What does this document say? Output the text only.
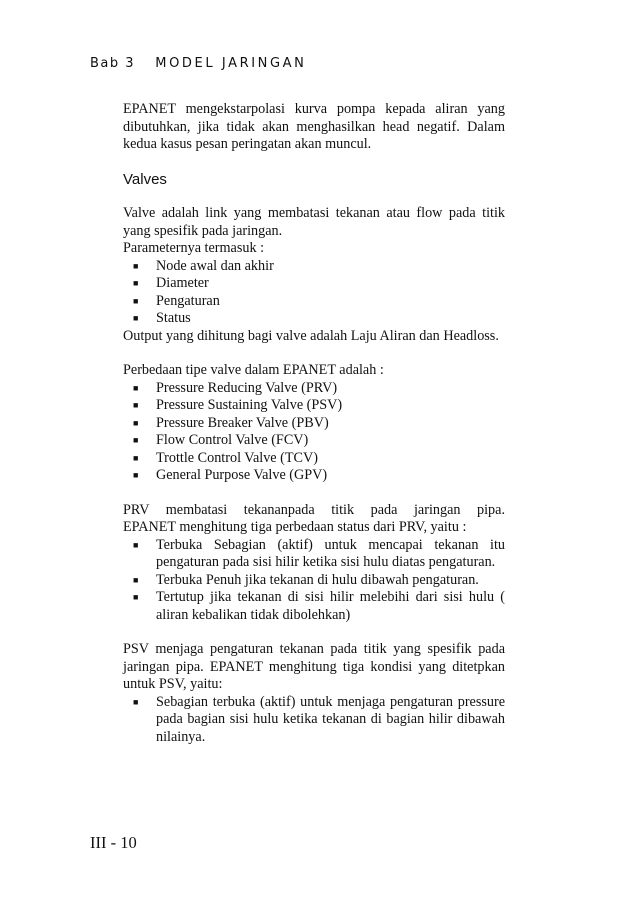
Bab 3 MODEL JARINGAN

EPANET mengekstarpolasi kurva pompa kepada aliran yang dibutuhkan, jika tidak akan menghasilkan head negatif. Dalam kedua kasus pesan peringatan akan muncul.

Valves

Valve adalah link yang membatasi tekanan atau flow pada titik yang spesifik pada jaringan.

Parameternya termasuk :

■ Node awal dan akhir
■ Diameter
■ Pengaturan
■ Status

Output yang dihitung bagi valve adalah Laju Aliran dan Headloss.

Perbedaan tipe valve dalam EPANET adalah :

■ Pressure Reducing Valve (PRV)
■ Pressure Sustaining Valve (PSV)
■ Pressure Breaker Valve (PBV)
■ Flow Control Valve (FCV)
■ Trottle Control Valve (TCV)
■ General Purpose Valve (GPV)

PRV membatasi tekananpada titik pada jaringan pipa.

EPANET menghitung tiga perbedaan status dari PRV, yaitu :

■ Terbuka Sebagian (aktif) untuk mencapai tekanan itu pengaturan pada sisi hilir ketika sisi hulu diatas pengaturan.
■ Terbuka Penuh jika tekanan di hulu dibawah pengaturan.
■ Tertutup jika tekanan di sisi hilir melebihi dari sisi hulu ( aliran kebalikan tidak dibolehkan)

PSV menjaga pengaturan tekanan pada titik yang spesifik pada jaringan pipa. EPANET menghitung tiga kondisi yang ditetpkan untuk PSV, yaitu:

■ Sebagian terbuka (aktif) untuk menjaga pengaturan pressure pada bagian sisi hulu ketika tekanan di bagian hilir dibawah nilainya.
III - 10
